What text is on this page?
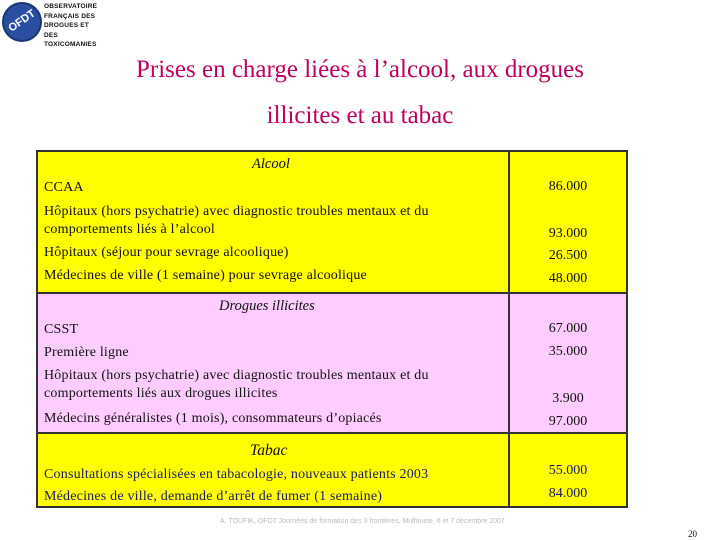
OFDT
OBSERVATOIRE
FRANÇAIS DES
DROGUES ET DES
TOXICOMANIES
Prises en charge liées à l’alcool, aux drogues
illicites et au tabac
Alcool
CCAA
Hôpitaux (hors psychatrie) avec diagnostic troubles mentaux et du comportements liés à l’alcool
Hôpitaux (séjour pour sevrage alcoolique)
Médecines de ville (1 semaine) pour sevrage alcoolique
86.000
93.000
26.500
48.000
Drogues illicites
CSST
Première ligne
Hôpitaux (hors psychatrie) avec diagnostic troubles mentaux et du comportements liés aux drogues illicites
Médecins généralistes (1 mois), consommateurs d’opiacés
67.000
35.000
3.900
97.000
Tabac
Consultations spécialisées en tabacologie, nouveaux patients 2003
Médecines de ville, demande d’arrêt de fumer (1 semaine)
55.000
84.000
A. TOUFIK, OFDT Journées de formation des 3 frontières, Mulhouse, 6 et 7 décembre 2007
20
